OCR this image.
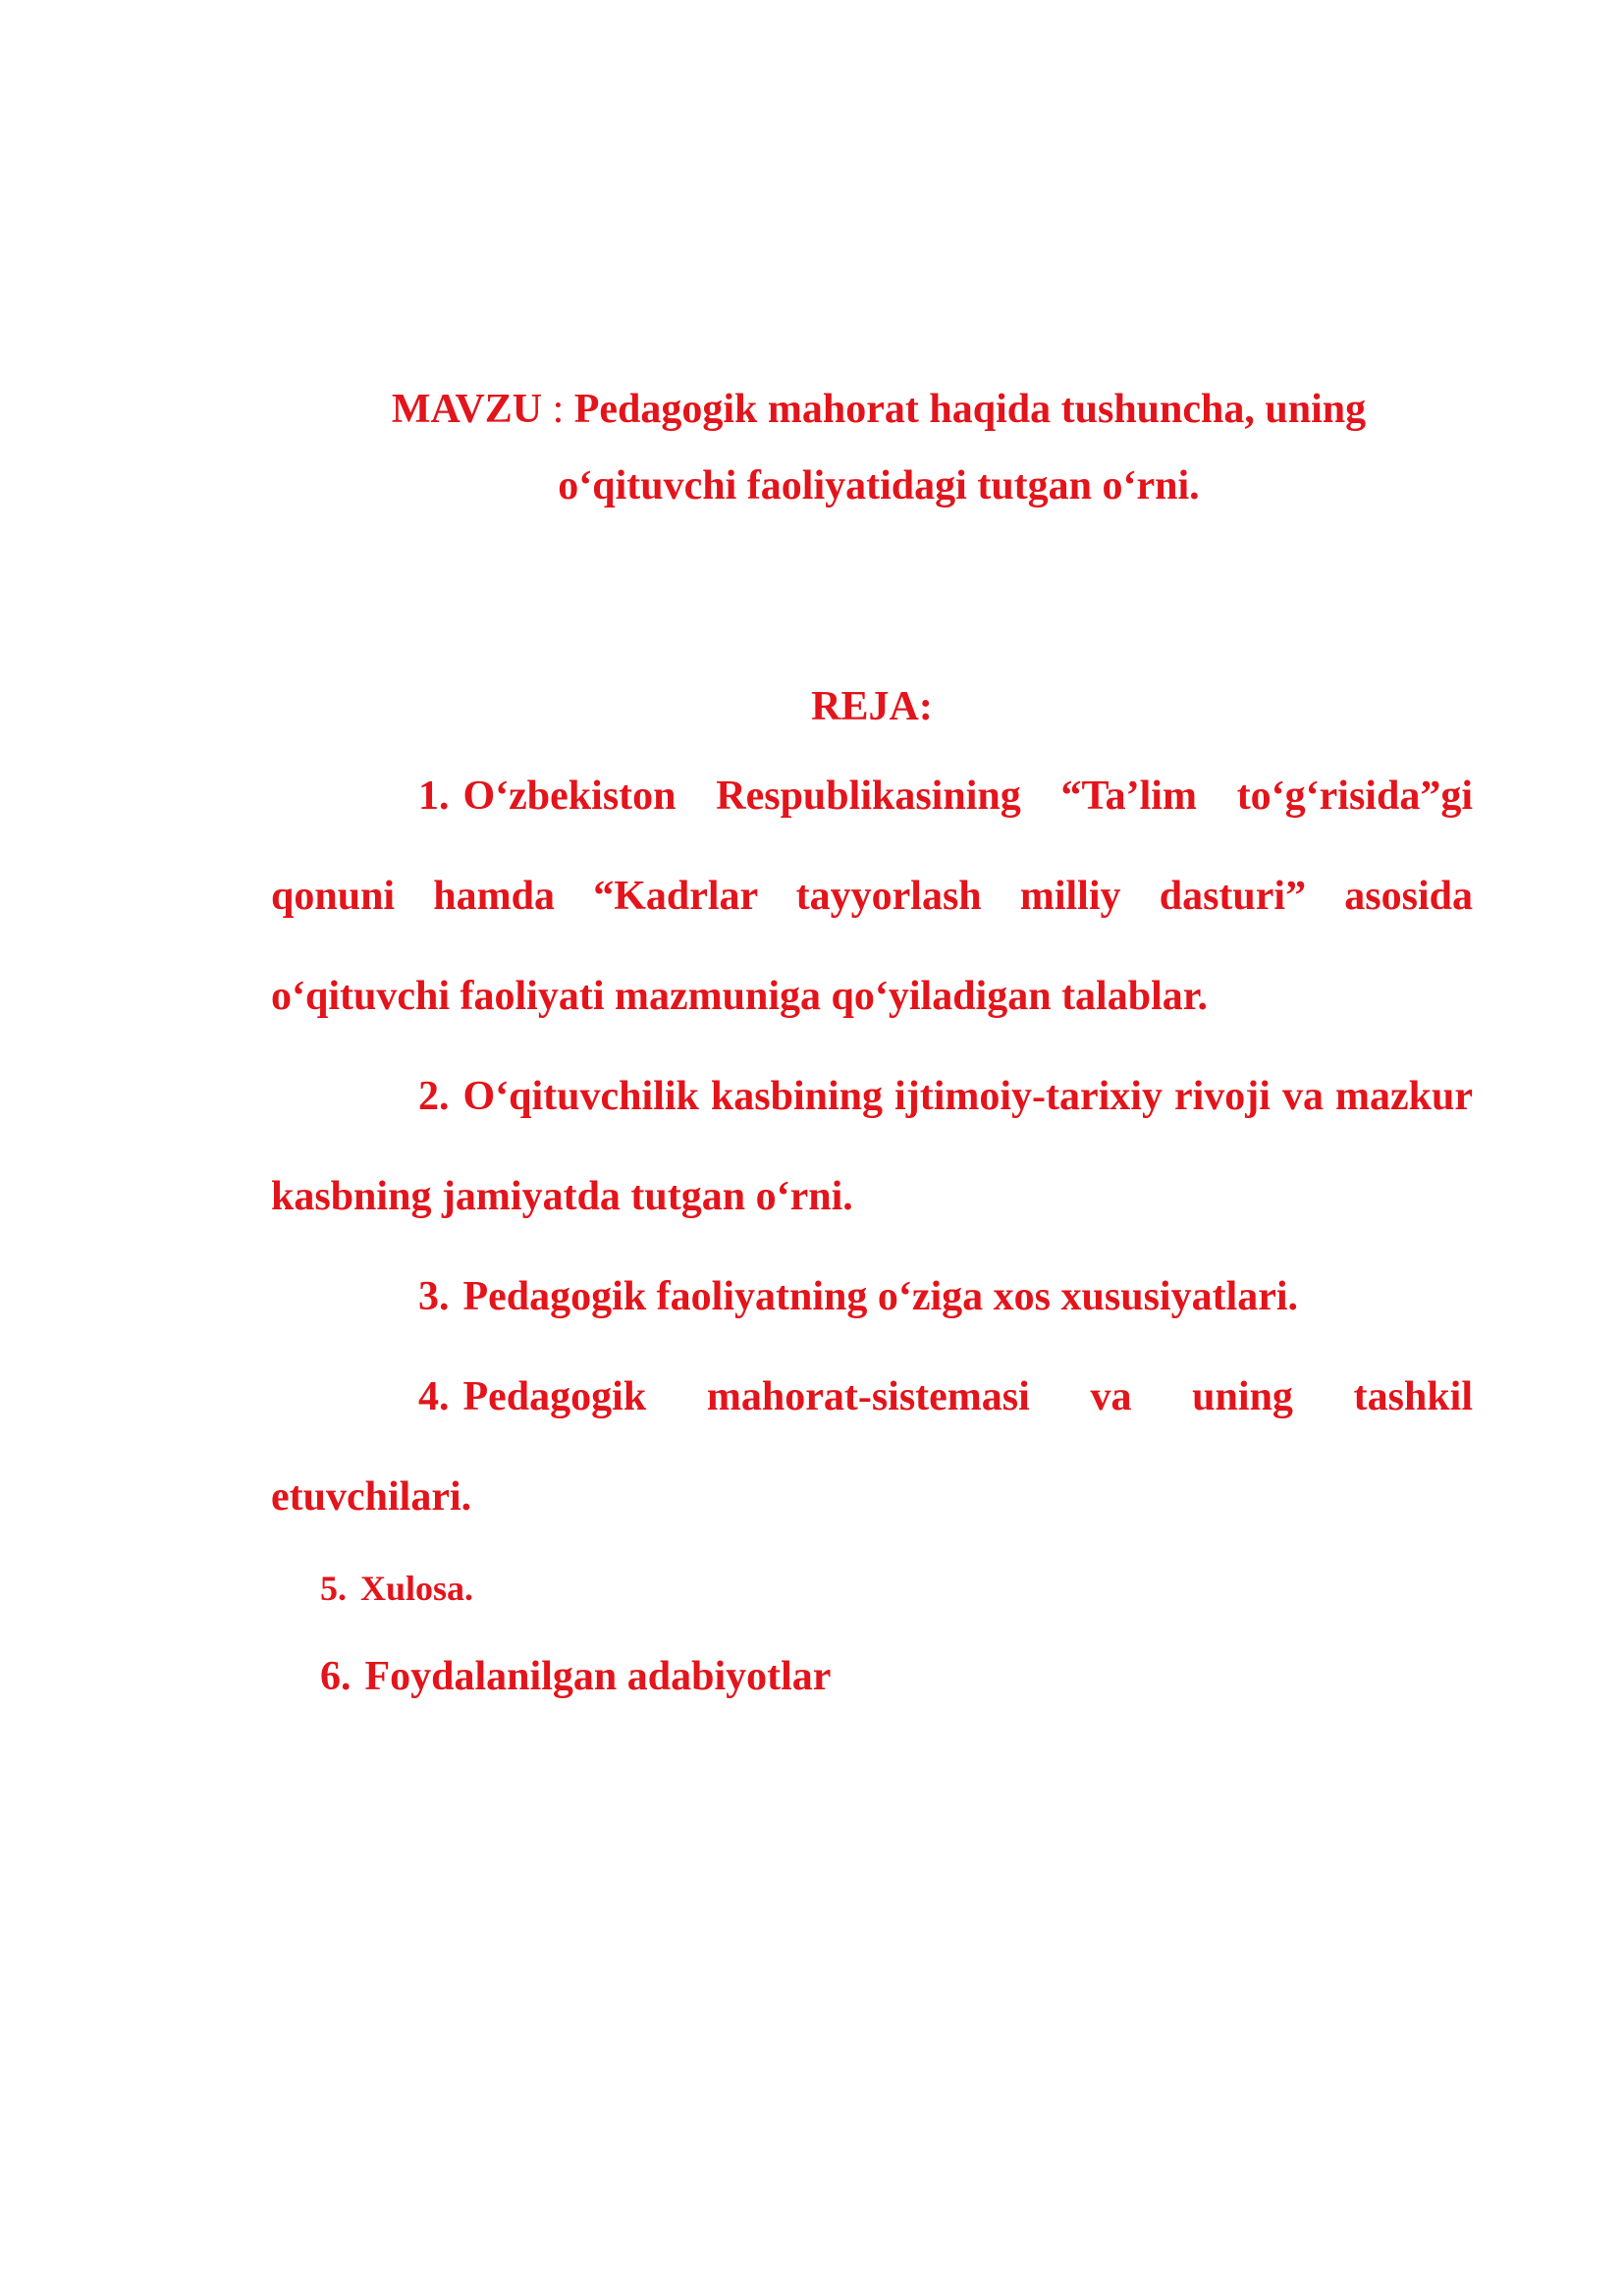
MAVZU : Pedagogik mahorat haqida tushuncha, uning
o‘qituvchi faoliyatidagi tutgan o‘rni.
REJA:

1. O‘zbekiston Respublikasining “Ta’lim to‘g‘risida”gi qonuni hamda “Kadrlar tayyorlash milliy dasturi” asosida o‘qituvchi faoliyati mazmuniga qo‘yiladigan talablar.

2. O‘qituvchilik kasbining ijtimoiy-tarixiy rivoji va mazkur kasbning jamiyatda tutgan o‘rni.

3. Pedagogik faoliyatning o‘ziga xos xususiyatlari.

4. Pedagogik mahorat-sistemasi va uning tashkil etuvchilari.

5. Xulosa.
6. Foydalanilgan adabiyotlar
